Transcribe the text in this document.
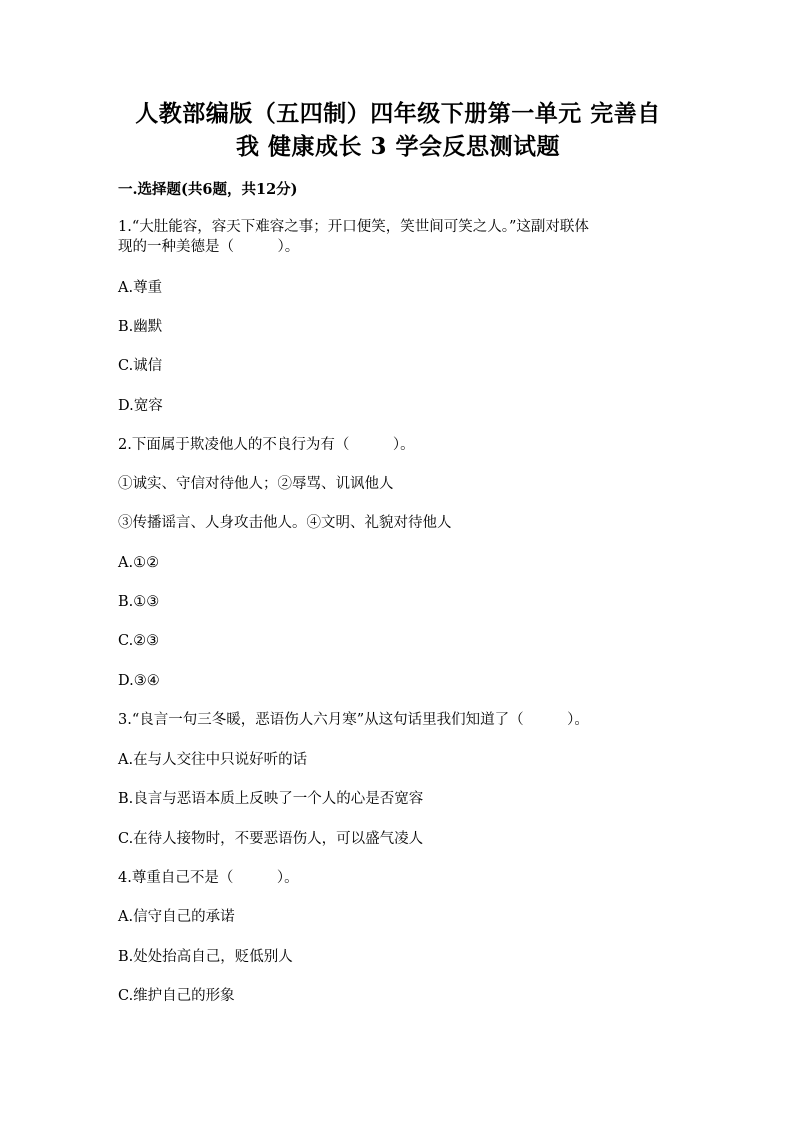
人教部编版（五四制）四年级下册第一单元 完善自
我 健康成长 3 学会反思测试题
一.选择题(共6题，共12分)
1.“大肚能容，容天下难容之事；开口便笑，笑世间可笑之人。”这副对联体
现的一种美德是（　　　）。
A.尊重
B.幽默
C.诚信
D.宽容
2.下面属于欺凌他人的不良行为有（　　　）。
①诚实、守信对待他人；②辱骂、讥讽他人
③传播谣言、人身攻击他人。④文明、礼貌对待他人
A.①②
B.①③
C.②③
D.③④
3.“良言一句三冬暖，恶语伤人六月寒”从这句话里我们知道了（　　　）。
A.在与人交往中只说好听的话
B.良言与恶语本质上反映了一个人的心是否宽容
C.在待人接物时，不要恶语伤人，可以盛气凌人
4.尊重自己不是（　　　）。
A.信守自己的承诺
B.处处抬高自己，贬低别人
C.维护自己的形象
